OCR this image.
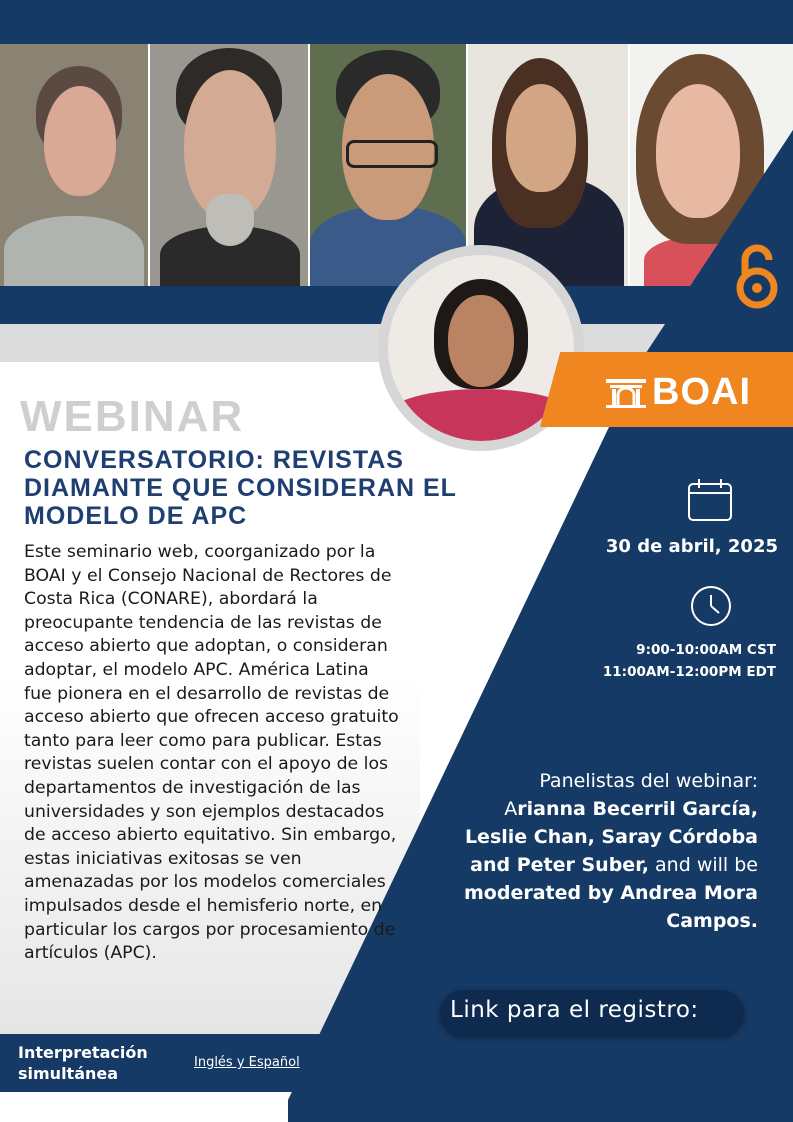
BOAI
WEBINAR
CONVERSATORIO: REVISTAS DIAMANTE QUE CONSIDERAN EL MODELO DE APC
Este seminario web, coorganizado por la BOAI y el Consejo Nacional de Rectores de Costa Rica (CONARE), abordará la preocupante tendencia de las revistas de acceso abierto que adoptan, o consideran adoptar, el modelo APC. América Latina fue pionera en el desarrollo de revistas de acceso abierto que ofrecen acceso gratuito tanto para leer como para publicar. Estas revistas suelen contar con el apoyo de los departamentos de investigación de las universidades y son ejemplos destacados de acceso abierto equitativo. Sin embargo, estas iniciativas exitosas se ven amenazadas por los modelos comerciales impulsados desde el hemisferio norte, en particular los cargos por procesamiento de artículos (APC).
30 de abril, 2025
9:00-10:00AM CST
11:00AM-12:00PM EDT
Panelistas del webinar:
Arianna Becerril García, Leslie Chan, Saray Córdoba and Peter Suber, and will be moderated by Andrea Mora Campos.
Link para el registro:
Interpretación simultánea
Inglés y Español
